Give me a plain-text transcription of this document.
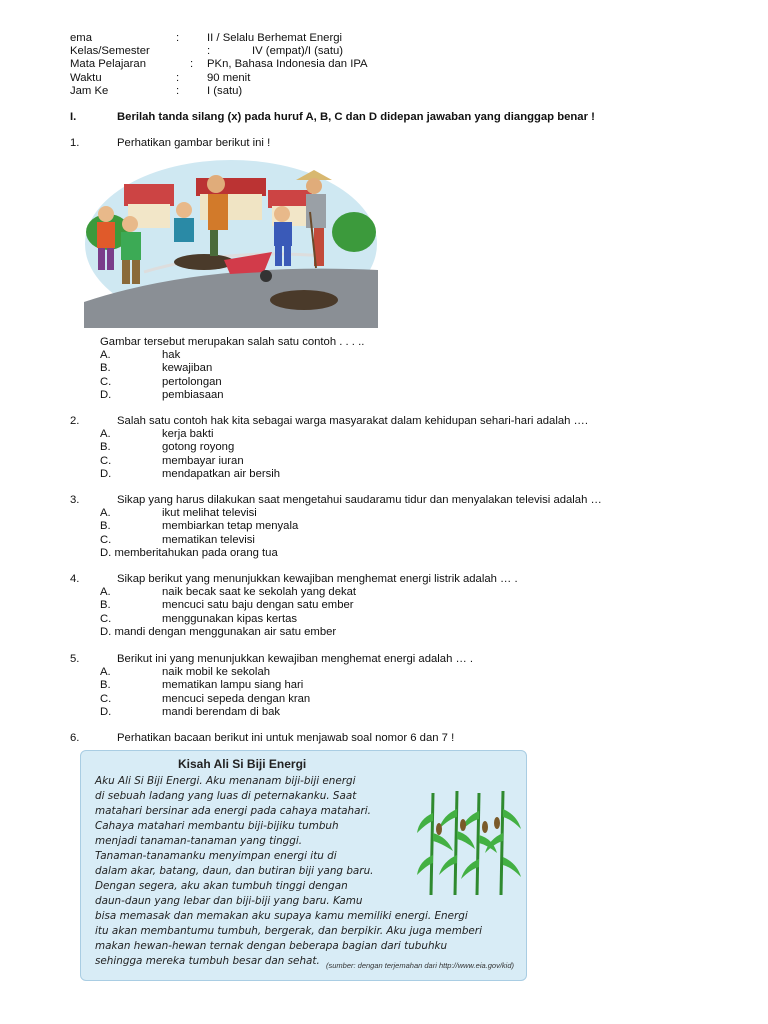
ema	: II / Selalu Berhemat Energi
Kelas/Semester	:	IV (empat)/I (satu)
Mata Pelajaran	: PKn, Bahasa Indonesia dan IPA
Waktu	: 90 menit
Jam Ke	: I (satu)
I.	Berilah tanda silang (x) pada huruf A, B, C dan D didepan jawaban yang dianggap benar !
1.	Perhatikan gambar berikut ini !
Gambar tersebut merupakan salah satu contoh . . . ..
A.	hak
B.	kewajiban
C.	pertolongan
D.	pembiasaan
2.	Salah satu contoh hak kita sebagai warga masyarakat dalam kehidupan sehari-hari adalah ….
A.	kerja bakti
B.	gotong royong
C.	membayar iuran
D.	mendapatkan air bersih
3.	Sikap yang harus dilakukan saat mengetahui saudaramu tidur dan menyalakan televisi adalah …
A.	ikut melihat televisi
B.	membiarkan tetap menyala
C.	mematikan televisi
D. memberitahukan pada orang tua
4.	Sikap berikut yang menunjukkan kewajiban menghemat energi listrik adalah … .
A.	naik becak saat ke sekolah yang dekat
B.	mencuci satu baju dengan satu ember
C.	menggunakan kipas kertas
D. mandi dengan menggunakan air satu ember
5.	Berikut ini yang menunjukkan kewajiban menghemat energi adalah … .
A.	naik mobil ke sekolah
B.	mematikan lampu siang hari
C.	mencuci sepeda dengan kran
D.	mandi berendam di bak
6.	Perhatikan bacaan berikut ini untuk menjawab soal nomor 6 dan 7 !
Kisah Ali Si Biji Energi
Aku Ali Si Biji Energi. Aku menanam biji-biji energi
di sebuah ladang yang luas di peternakanku. Saat
matahari bersinar ada energi pada cahaya matahari.
Cahaya matahari membantu biji-bijiku tumbuh
menjadi tanaman-tanaman yang tinggi.
Tanaman-tanamanku menyimpan energi itu di
dalam akar, batang, daun, dan butiran biji yang baru.
Dengan segera, aku akan tumbuh tinggi dengan
daun-daun yang lebar dan biji-biji yang baru. Kamu
bisa memasak dan memakan aku supaya kamu memiliki energi. Energi
itu akan membantumu tumbuh, bergerak, dan berpikir. Aku juga memberi
makan hewan-hewan ternak dengan beberapa bagian dari tubuhku
sehingga mereka tumbuh besar dan sehat. (sumber: dengan terjemahan dari http://www.eia.gov/kid)
